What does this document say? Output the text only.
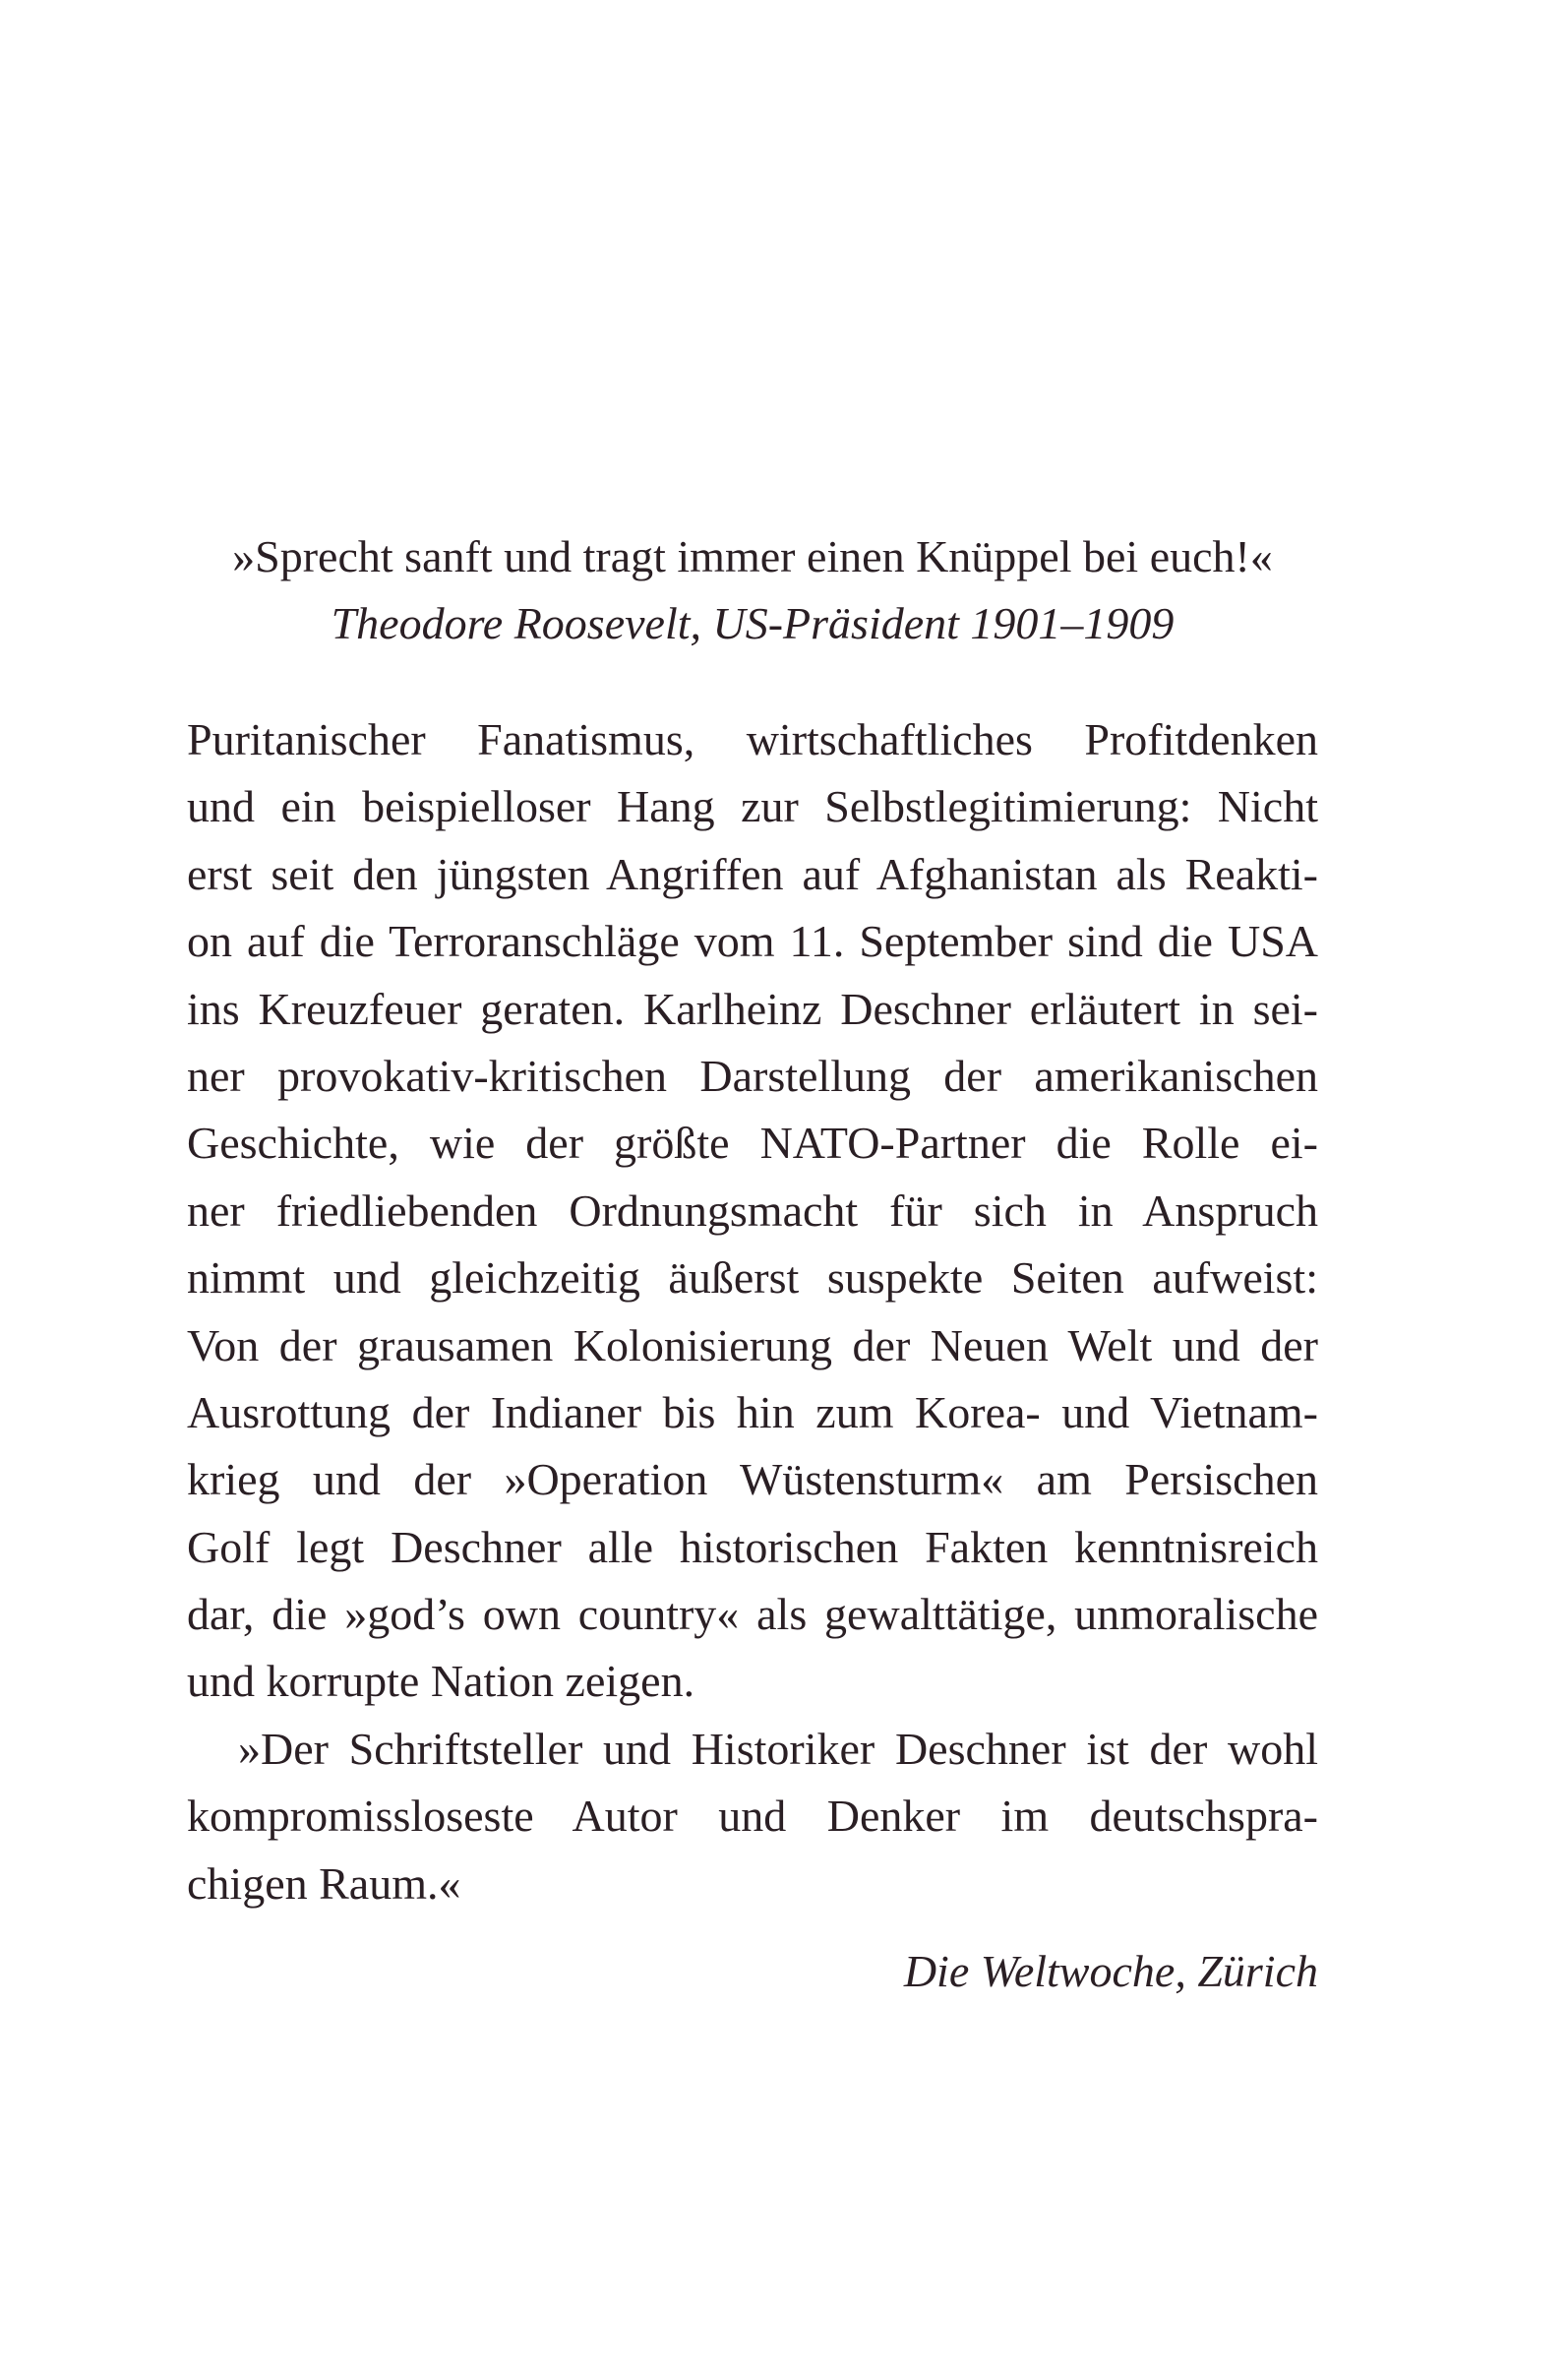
»Sprecht sanft und tragt immer einen Knüppel bei euch!«
Theodore Roosevelt, US-Präsident 1901–1909
Puritanischer Fanatismus, wirtschaftliches Profitdenken
und ein beispielloser Hang zur Selbstlegitimierung: Nicht
erst seit den jüngsten Angriffen auf Afghanistan als Reakti-
on auf die Terroranschläge vom 11. September sind die USA
ins Kreuzfeuer geraten. Karlheinz Deschner erläutert in sei-
ner provokativ-kritischen Darstellung der amerikanischen
Geschichte, wie der größte NATO-Partner die Rolle ei-
ner friedliebenden Ordnungsmacht für sich in Anspruch
nimmt und gleichzeitig äußerst suspekte Seiten aufweist:
Von der grausamen Kolonisierung der Neuen Welt und der
Ausrottung der Indianer bis hin zum Korea- und Vietnam-
krieg und der »Operation Wüstensturm« am Persischen
Golf legt Deschner alle historischen Fakten kenntnisreich
dar, die »god’s own country« als gewalttätige, unmoralische
und korrupte Nation zeigen.
»Der Schriftsteller und Historiker Deschner ist der wohl
kompromissloseste Autor und Denker im deutschspra-
chigen Raum.«
Die Weltwoche, Zürich
